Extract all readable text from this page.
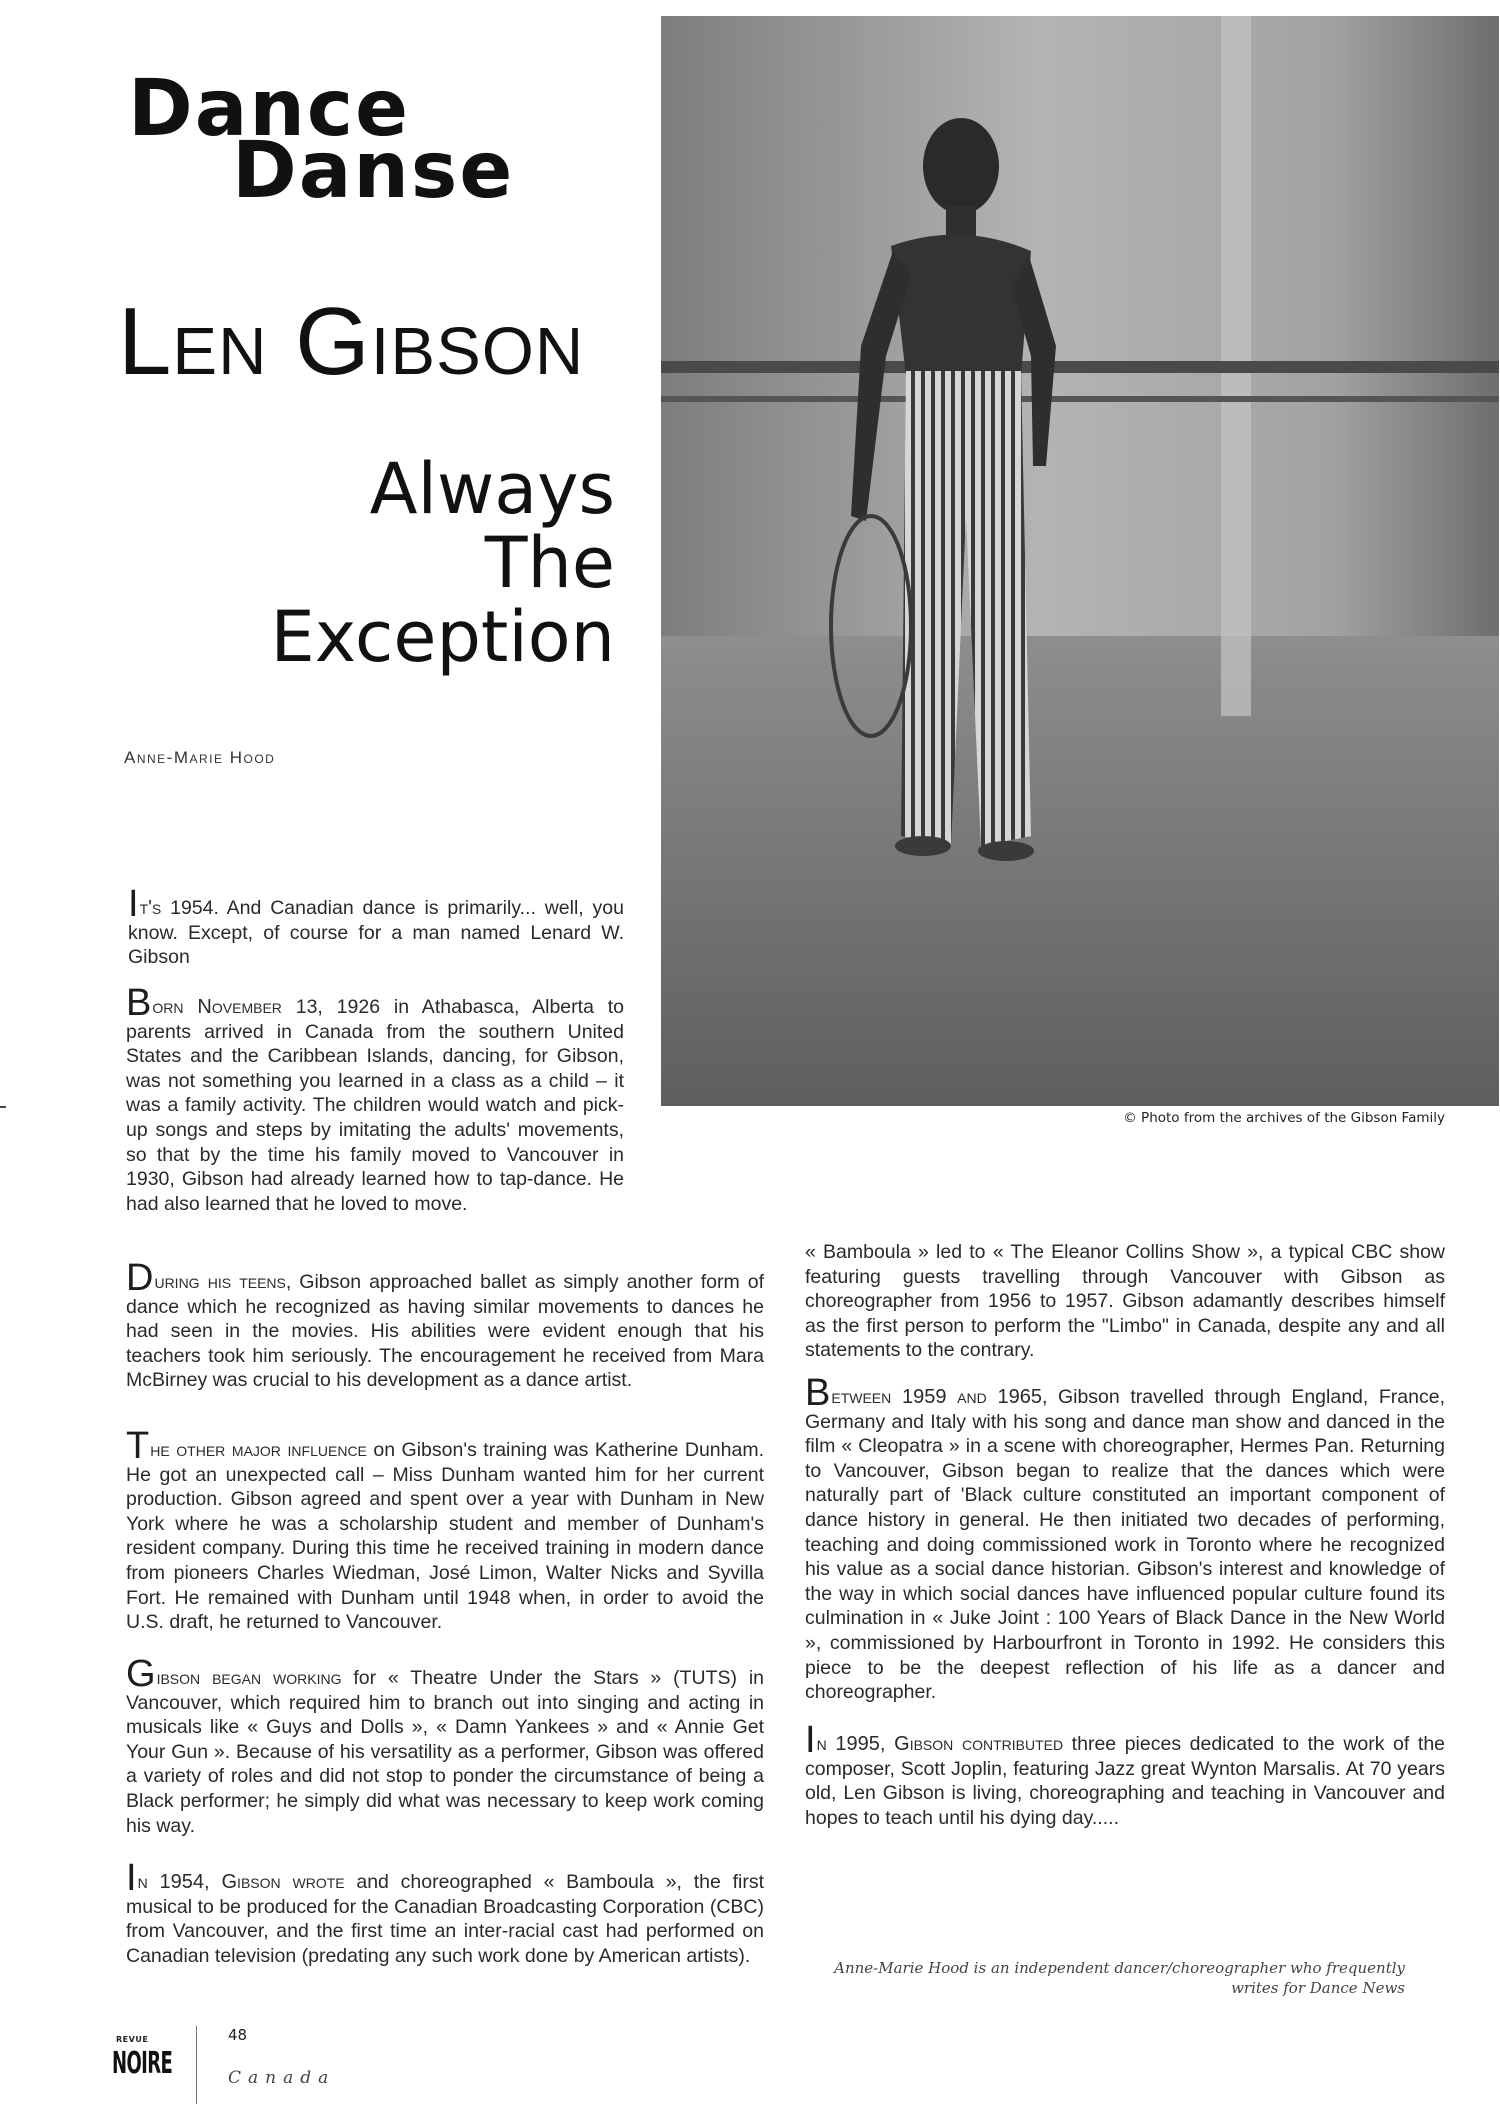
Dance
Danse
Len Gibson
Always
The
Exception
Anne-Marie Hood
© Photo from the archives of the Gibson Family

It's 1954. And Canadian dance is primarily... well, you know. Except, of course for a man named Lenard W. Gibson

Born November 13, 1926 in Athabasca, Alberta to parents arrived in Canada from the southern United States and the Caribbean Islands, dancing, for Gibson, was not something you learned in a class as a child – it was a family activity. The children would watch and pick-up songs and steps by imitating the adults' movements, so that by the time his family moved to Vancouver in 1930, Gibson had already learned how to tap-dance. He had also learned that he loved to move.

During his teens, Gibson approached ballet as simply another form of dance which he recognized as having similar movements to dances he had seen in the movies. His abilities were evident enough that his teachers took him seriously. The encouragement he received from Mara McBirney was crucial to his development as a dance artist.

The other major influence on Gibson's training was Katherine Dunham. He got an unexpected call – Miss Dunham wanted him for her current production. Gibson agreed and spent over a year with Dunham in New York where he was a scholarship student and member of Dunham's resident company. During this time he received training in modern dance from pioneers Charles Wiedman, José Limon, Walter Nicks and Syvilla Fort. He remained with Dunham until 1948 when, in order to avoid the U.S. draft, he returned to Vancouver.

Gibson began working for « Theatre Under the Stars » (TUTS) in Vancouver, which required him to branch out into singing and acting in musicals like « Guys and Dolls », « Damn Yankees » and « Annie Get Your Gun ». Because of his versatility as a performer, Gibson was offered a variety of roles and did not stop to ponder the circumstance of being a Black performer; he simply did what was necessary to keep work coming his way.

In 1954, Gibson wrote and choreographed « Bamboula », the first musical to be produced for the Canadian Broadcasting Corporation (CBC) from Vancouver, and the first time an inter-racial cast had performed on Canadian television (predating any such work done by American artists).

« Bamboula » led to « The Eleanor Collins Show », a typical CBC show featuring guests travelling through Vancouver with Gibson as choreographer from 1956 to 1957. Gibson adamantly describes himself as the first person to perform the "Limbo" in Canada, despite any and all statements to the contrary.

Between 1959 and 1965, Gibson travelled through England, France, Germany and Italy with his song and dance man show and danced in the film « Cleopatra » in a scene with choreographer, Hermes Pan. Returning to Vancouver, Gibson began to realize that the dances which were naturally part of 'Black culture constituted an important component of dance history in general. He then initiated two decades of performing, teaching and doing commissioned work in Toronto where he recognized his value as a social dance historian. Gibson's interest and knowledge of the way in which social dances have influenced popular culture found its culmination in « Juke Joint : 100 Years of Black Dance in the New World », commissioned by Harbourfront in Toronto in 1992. He considers this piece to be the deepest reflection of his life as a dancer and choreographer.

In 1995, Gibson contributed three pieces dedicated to the work of the composer, Scott Joplin, featuring Jazz great Wynton Marsalis. At 70 years old, Len Gibson is living, choreographing and teaching in Vancouver and hopes to teach until his dying day.....

Anne-Marie Hood is an independent dancer/choreographer who frequently writes for Dance News
REVUE
NOIRE
48
Canada
